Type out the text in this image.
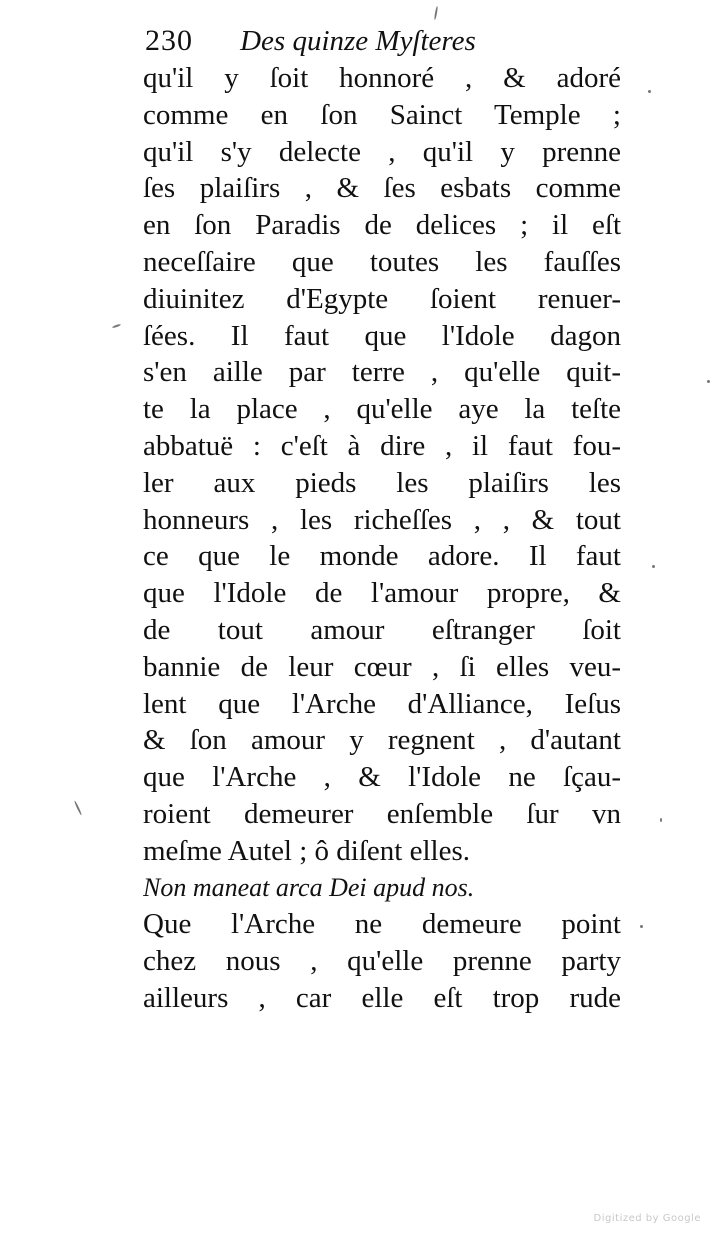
230 Des quinze Myſteres
qu'il y ſoit honnoré , & adoré
comme en ſon Sainct Temple ;
qu'il s'y delecte , qu'il y prenne
ſes plaiſirs , & ſes esbats comme
en ſon Paradis de delices ; il eſt
neceſſaire que toutes les fauſſes
diuinitez d'Egypte ſoient renuer-
ſées. Il faut que l'Idole dagon
s'en aille par terre , qu'elle quit-
te la place , qu'elle aye la teſte
abbatuë : c'eſt à dire , il faut fou-
ler aux pieds les plaiſirs les
honneurs , les richeſſes , , & tout
ce que le monde adore. Il faut
que l'Idole de l'amour propre, &
de tout amour eſtranger ſoit
bannie de leur cœur , ſi elles veu-
lent que l'Arche d'Alliance, Ieſus
& ſon amour y regnent , d'autant
que l'Arche , & l'Idole ne ſçau-
roient demeurer enſemble ſur vn
meſme Autel ; ô diſent elles.
Non maneat arca Dei apud nos.
Que l'Arche ne demeure point
chez nous , qu'elle prenne party
ailleurs , car elle eſt trop rude
Digitized by Google
